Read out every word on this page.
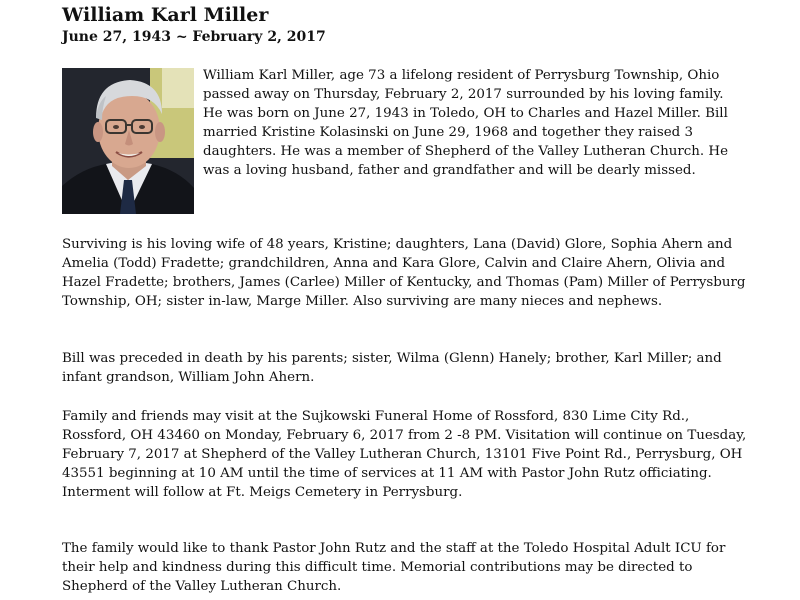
William Karl Miller
June 27, 1943 ~ February 2, 2017

William Karl Miller, age 73 a lifelong resident of Perrysburg Township, Ohio passed away on Thursday, February 2, 2017 surrounded by his loving family. He was born on June 27, 1943 in Toledo, OH to Charles and Hazel Miller. Bill married Kristine Kolasinski on June 29, 1968 and together they raised 3 daughters. He was a member of Shepherd of the Valley Lutheran Church. He was a loving husband, father and grandfather and will be dearly missed.

Surviving is his loving wife of 48 years, Kristine; daughters, Lana (David) Glore, Sophia Ahern and Amelia (Todd) Fradette; grandchildren, Anna and Kara Glore, Calvin and Claire Ahern, Olivia and Hazel Fradette; brothers, James (Carlee) Miller of Kentucky, and Thomas (Pam) Miller of Perrysburg Township, OH; sister in-law, Marge Miller. Also surviving are many nieces and nephews.

Bill was preceded in death by his parents; sister, Wilma (Glenn) Hanely; brother, Karl Miller; and infant grandson, William John Ahern.

Family and friends may visit at the Sujkowski Funeral Home of Rossford, 830 Lime City Rd., Rossford, OH 43460 on Monday, February 6, 2017 from 2 -8 PM. Visitation will continue on Tuesday, February 7, 2017 at Shepherd of the Valley Lutheran Church, 13101 Five Point Rd., Perrysburg, OH 43551 beginning at 10 AM until the time of services at 11 AM with Pastor John Rutz officiating. Interment will follow at Ft. Meigs Cemetery in Perrysburg.

The family would like to thank Pastor John Rutz and the staff at the Toledo Hospital Adult ICU for their help and kindness during this difficult time. Memorial contributions may be directed to Shepherd of the Valley Lutheran Church.
